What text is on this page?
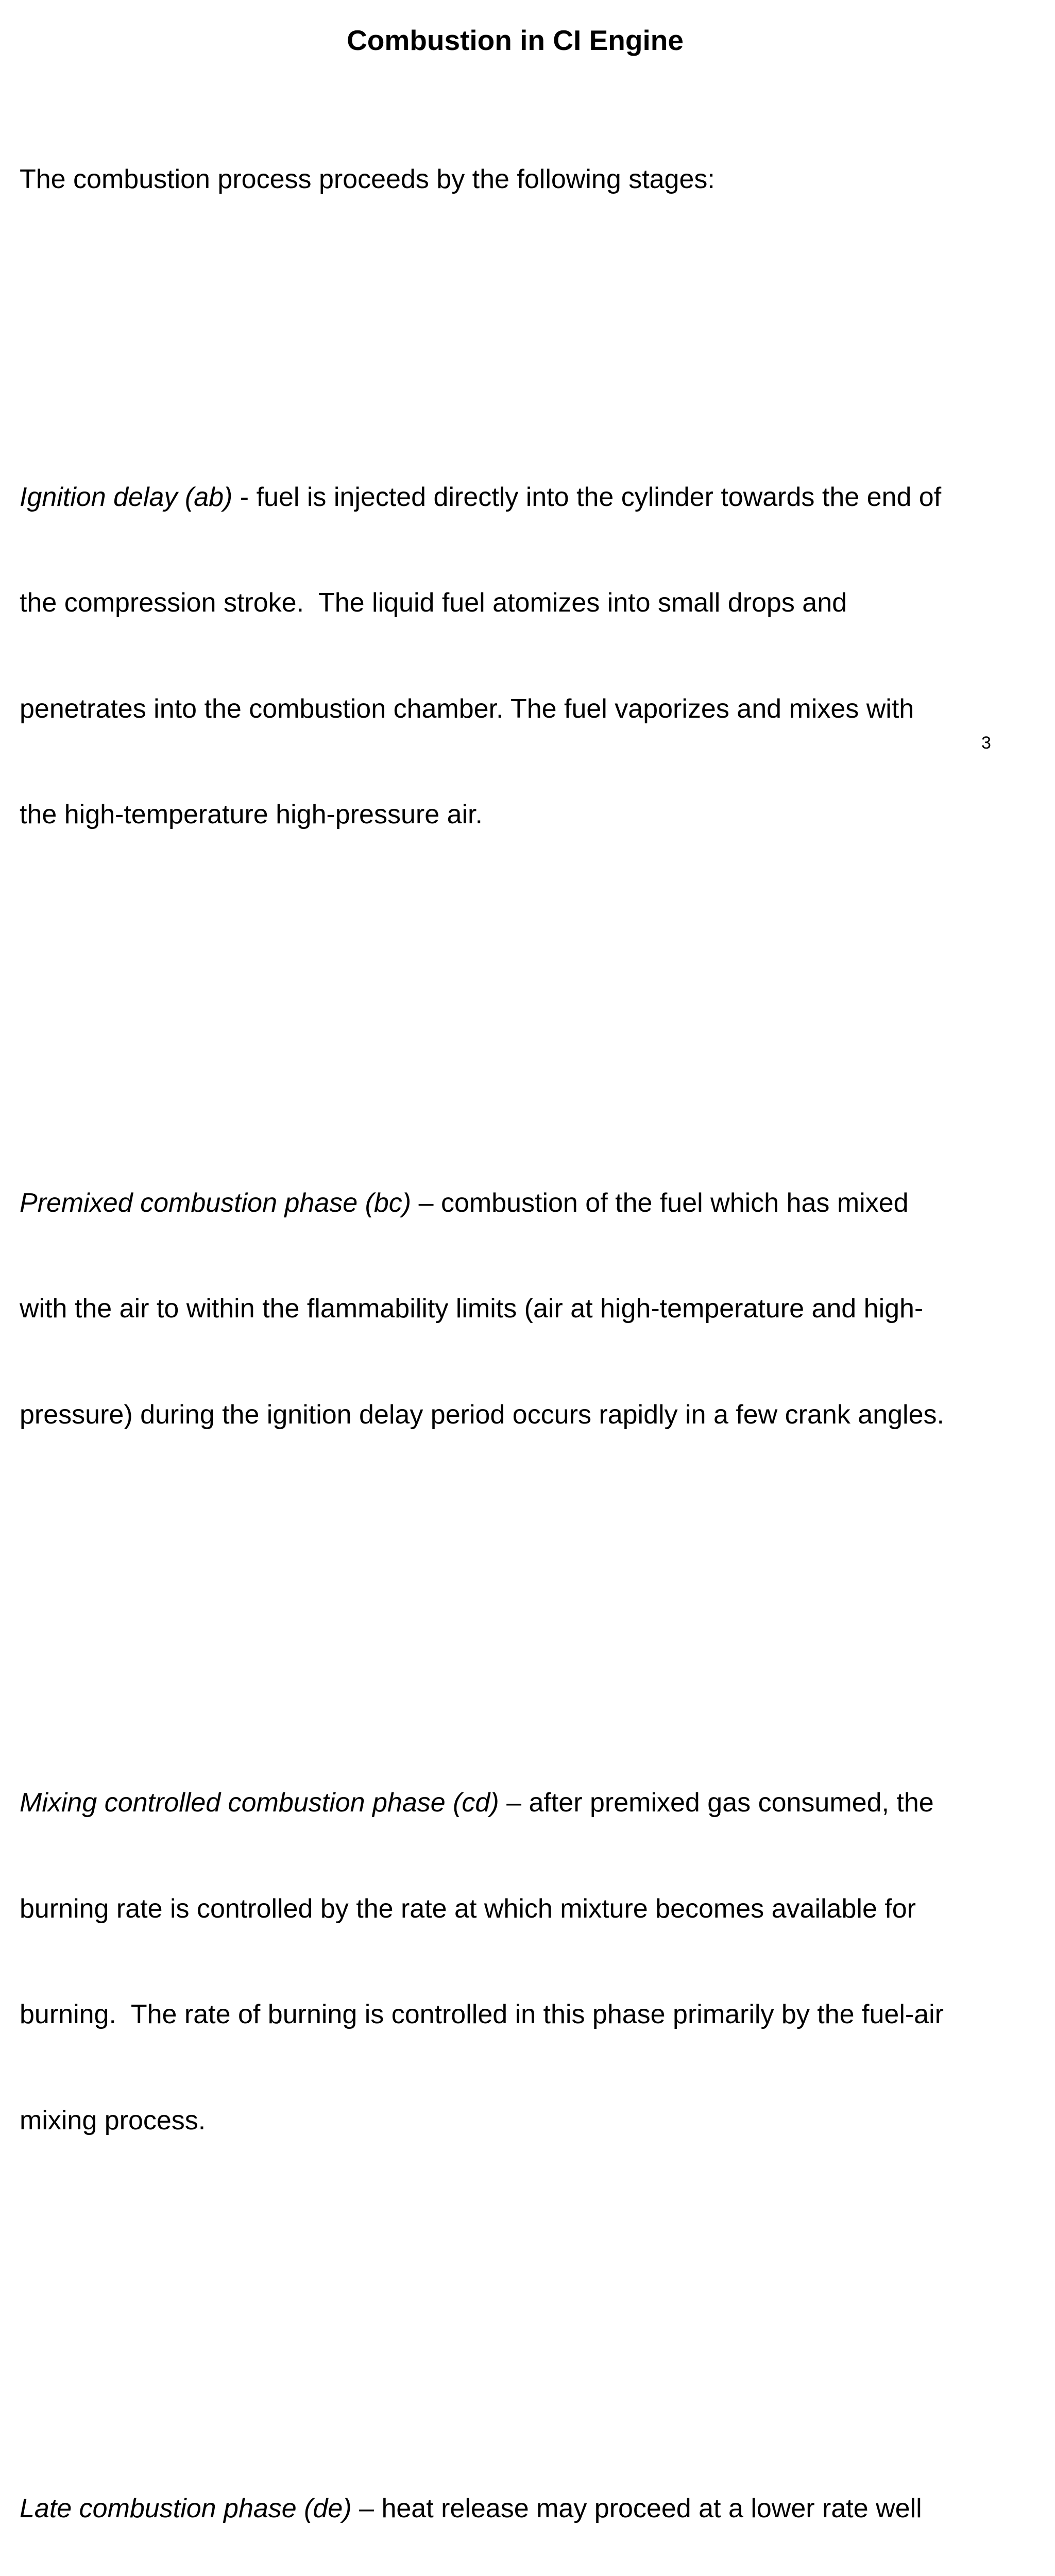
Combustion in CI Engine

The combustion process proceeds by the following stages:

Ignition delay (ab) - fuel is injected directly into the cylinder towards the end of

the compression stroke.  The liquid fuel atomizes into small drops and

penetrates into the combustion chamber. The fuel vaporizes and mixes with

the high-temperature high-pressure air.

Premixed combustion phase (bc) – combustion of the fuel which has mixed

with the air to within the flammability limits (air at high-temperature and high-

pressure) during the ignition delay period occurs rapidly in a few crank angles.

Mixing controlled combustion phase (cd) – after premixed gas consumed, the

burning rate is controlled by the rate at which mixture becomes available for

burning.  The rate of burning is controlled in this phase primarily by the fuel-air

mixing process.

Late combustion phase (de) – heat release may proceed at a lower rate well

3
